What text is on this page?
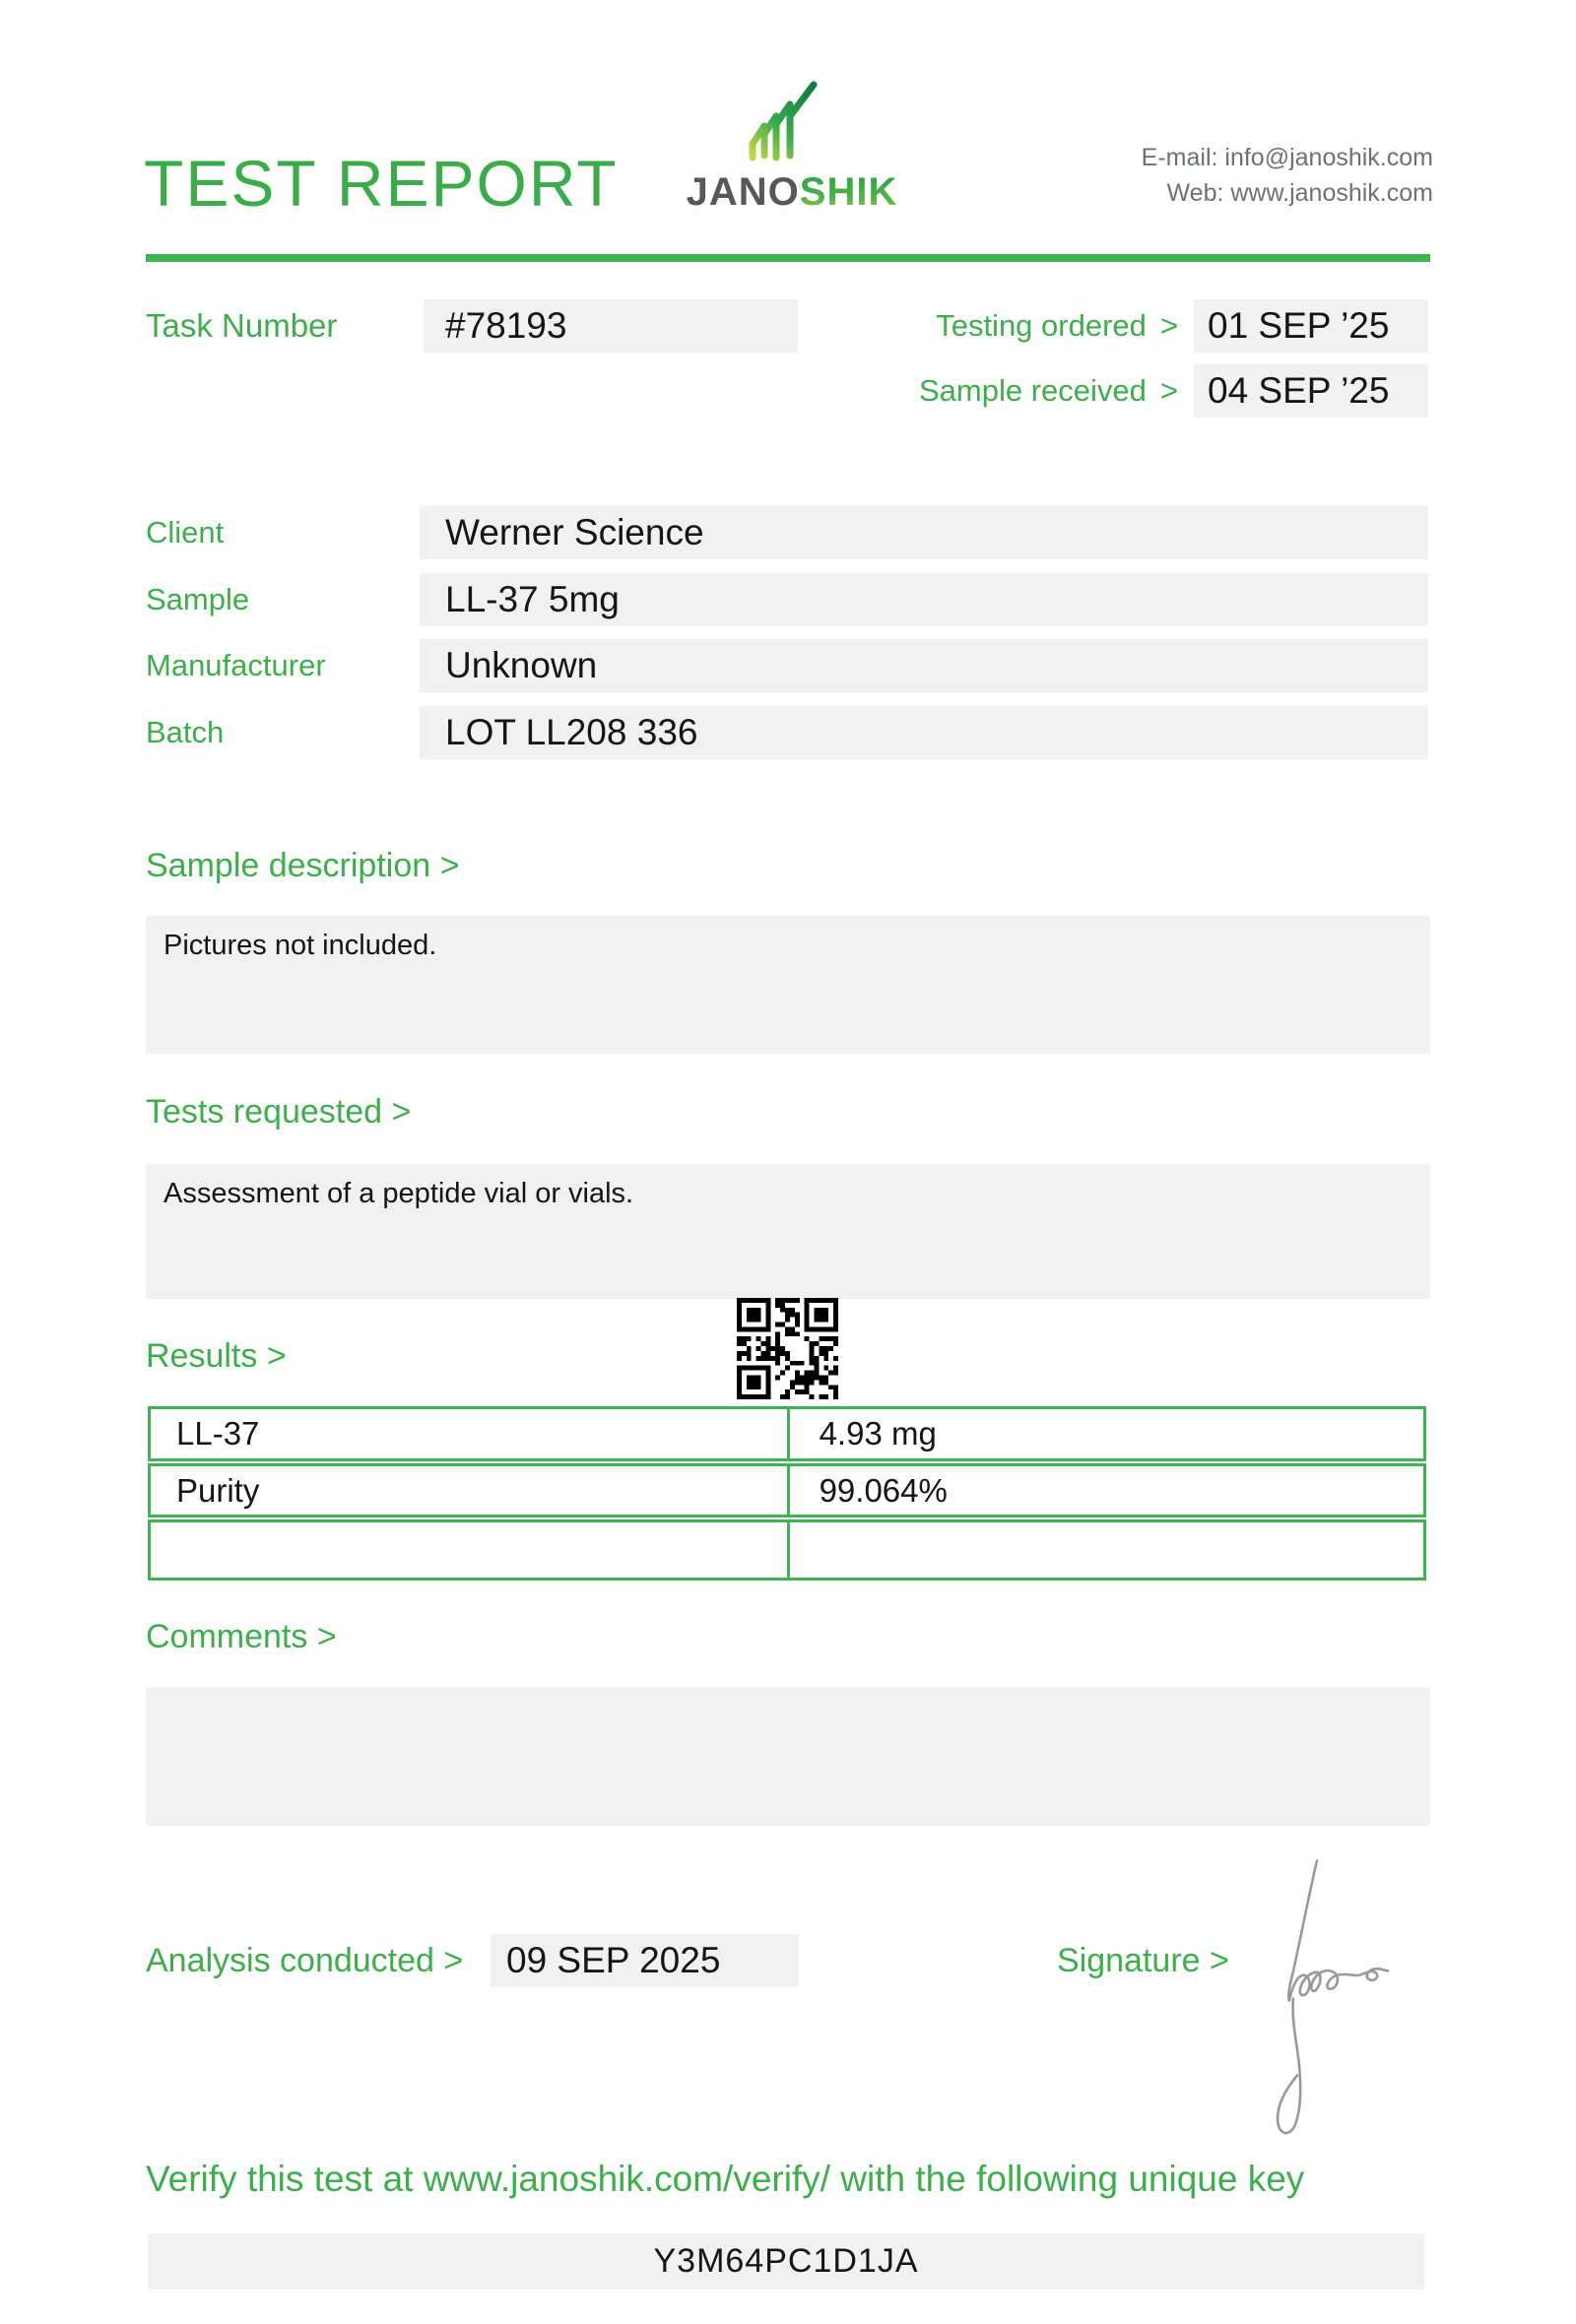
TEST REPORT JANOSHIK
E-mail: info@janoshik.com
Web: www.janoshik.com
Task Number	#78193	Testing ordered > 01 SEP ’25
Sample received > 04 SEP ’25
Client	Werner Science
Sample	LL-37 5mg
Manufacturer	Unknown
Batch	LOT LL208 336
Sample description >
Pictures not included.
Tests requested >
Assessment of a peptide vial or vials.
Results >
LL-37	4.93 mg
Purity	99.064%
Comments >
Analysis conducted >	09 SEP 2025	Signature >
Verify this test at www.janoshik.com/verify/ with the following unique key
Y3M64PC1D1JA
